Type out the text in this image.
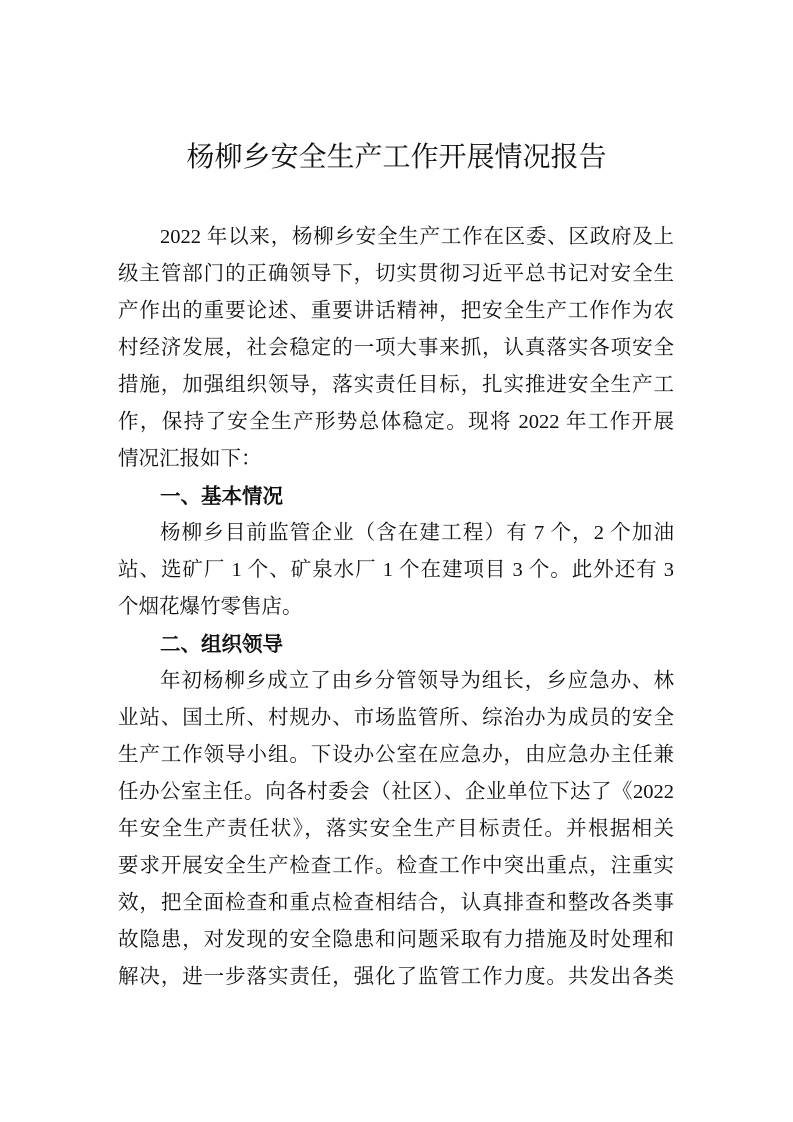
杨柳乡安全生产工作开展情况报告
2022 年以来，杨柳乡安全生产工作在区委、区政府及上
级主管部门的正确领导下，切实贯彻习近平总书记对安全生
产作出的重要论述、重要讲话精神，把安全生产工作作为农
村经济发展，社会稳定的一项大事来抓，认真落实各项安全
措施，加强组织领导，落实责任目标，扎实推进安全生产工
作，保持了安全生产形势总体稳定。现将 2022 年工作开展
情况汇报如下：
一、基本情况
杨柳乡目前监管企业（含在建工程）有 7 个，2 个加油
站、选矿厂 1 个、矿泉水厂 1 个在建项目 3 个。此外还有 3
个烟花爆竹零售店。
二、组织领导
年初杨柳乡成立了由乡分管领导为组长，乡应急办、林
业站、国土所、村规办、市场监管所、综治办为成员的安全
生产工作领导小组。下设办公室在应急办，由应急办主任兼
任办公室主任。向各村委会（社区）、企业单位下达了《2022
年安全生产责任状》，落实安全生产目标责任。并根据相关
要求开展安全生产检查工作。检查工作中突出重点，注重实
效，把全面检查和重点检查相结合，认真排查和整改各类事
故隐患，对发现的安全隐患和问题采取有力措施及时处理和
解决，进一步落实责任，强化了监管工作力度。共发出各类
